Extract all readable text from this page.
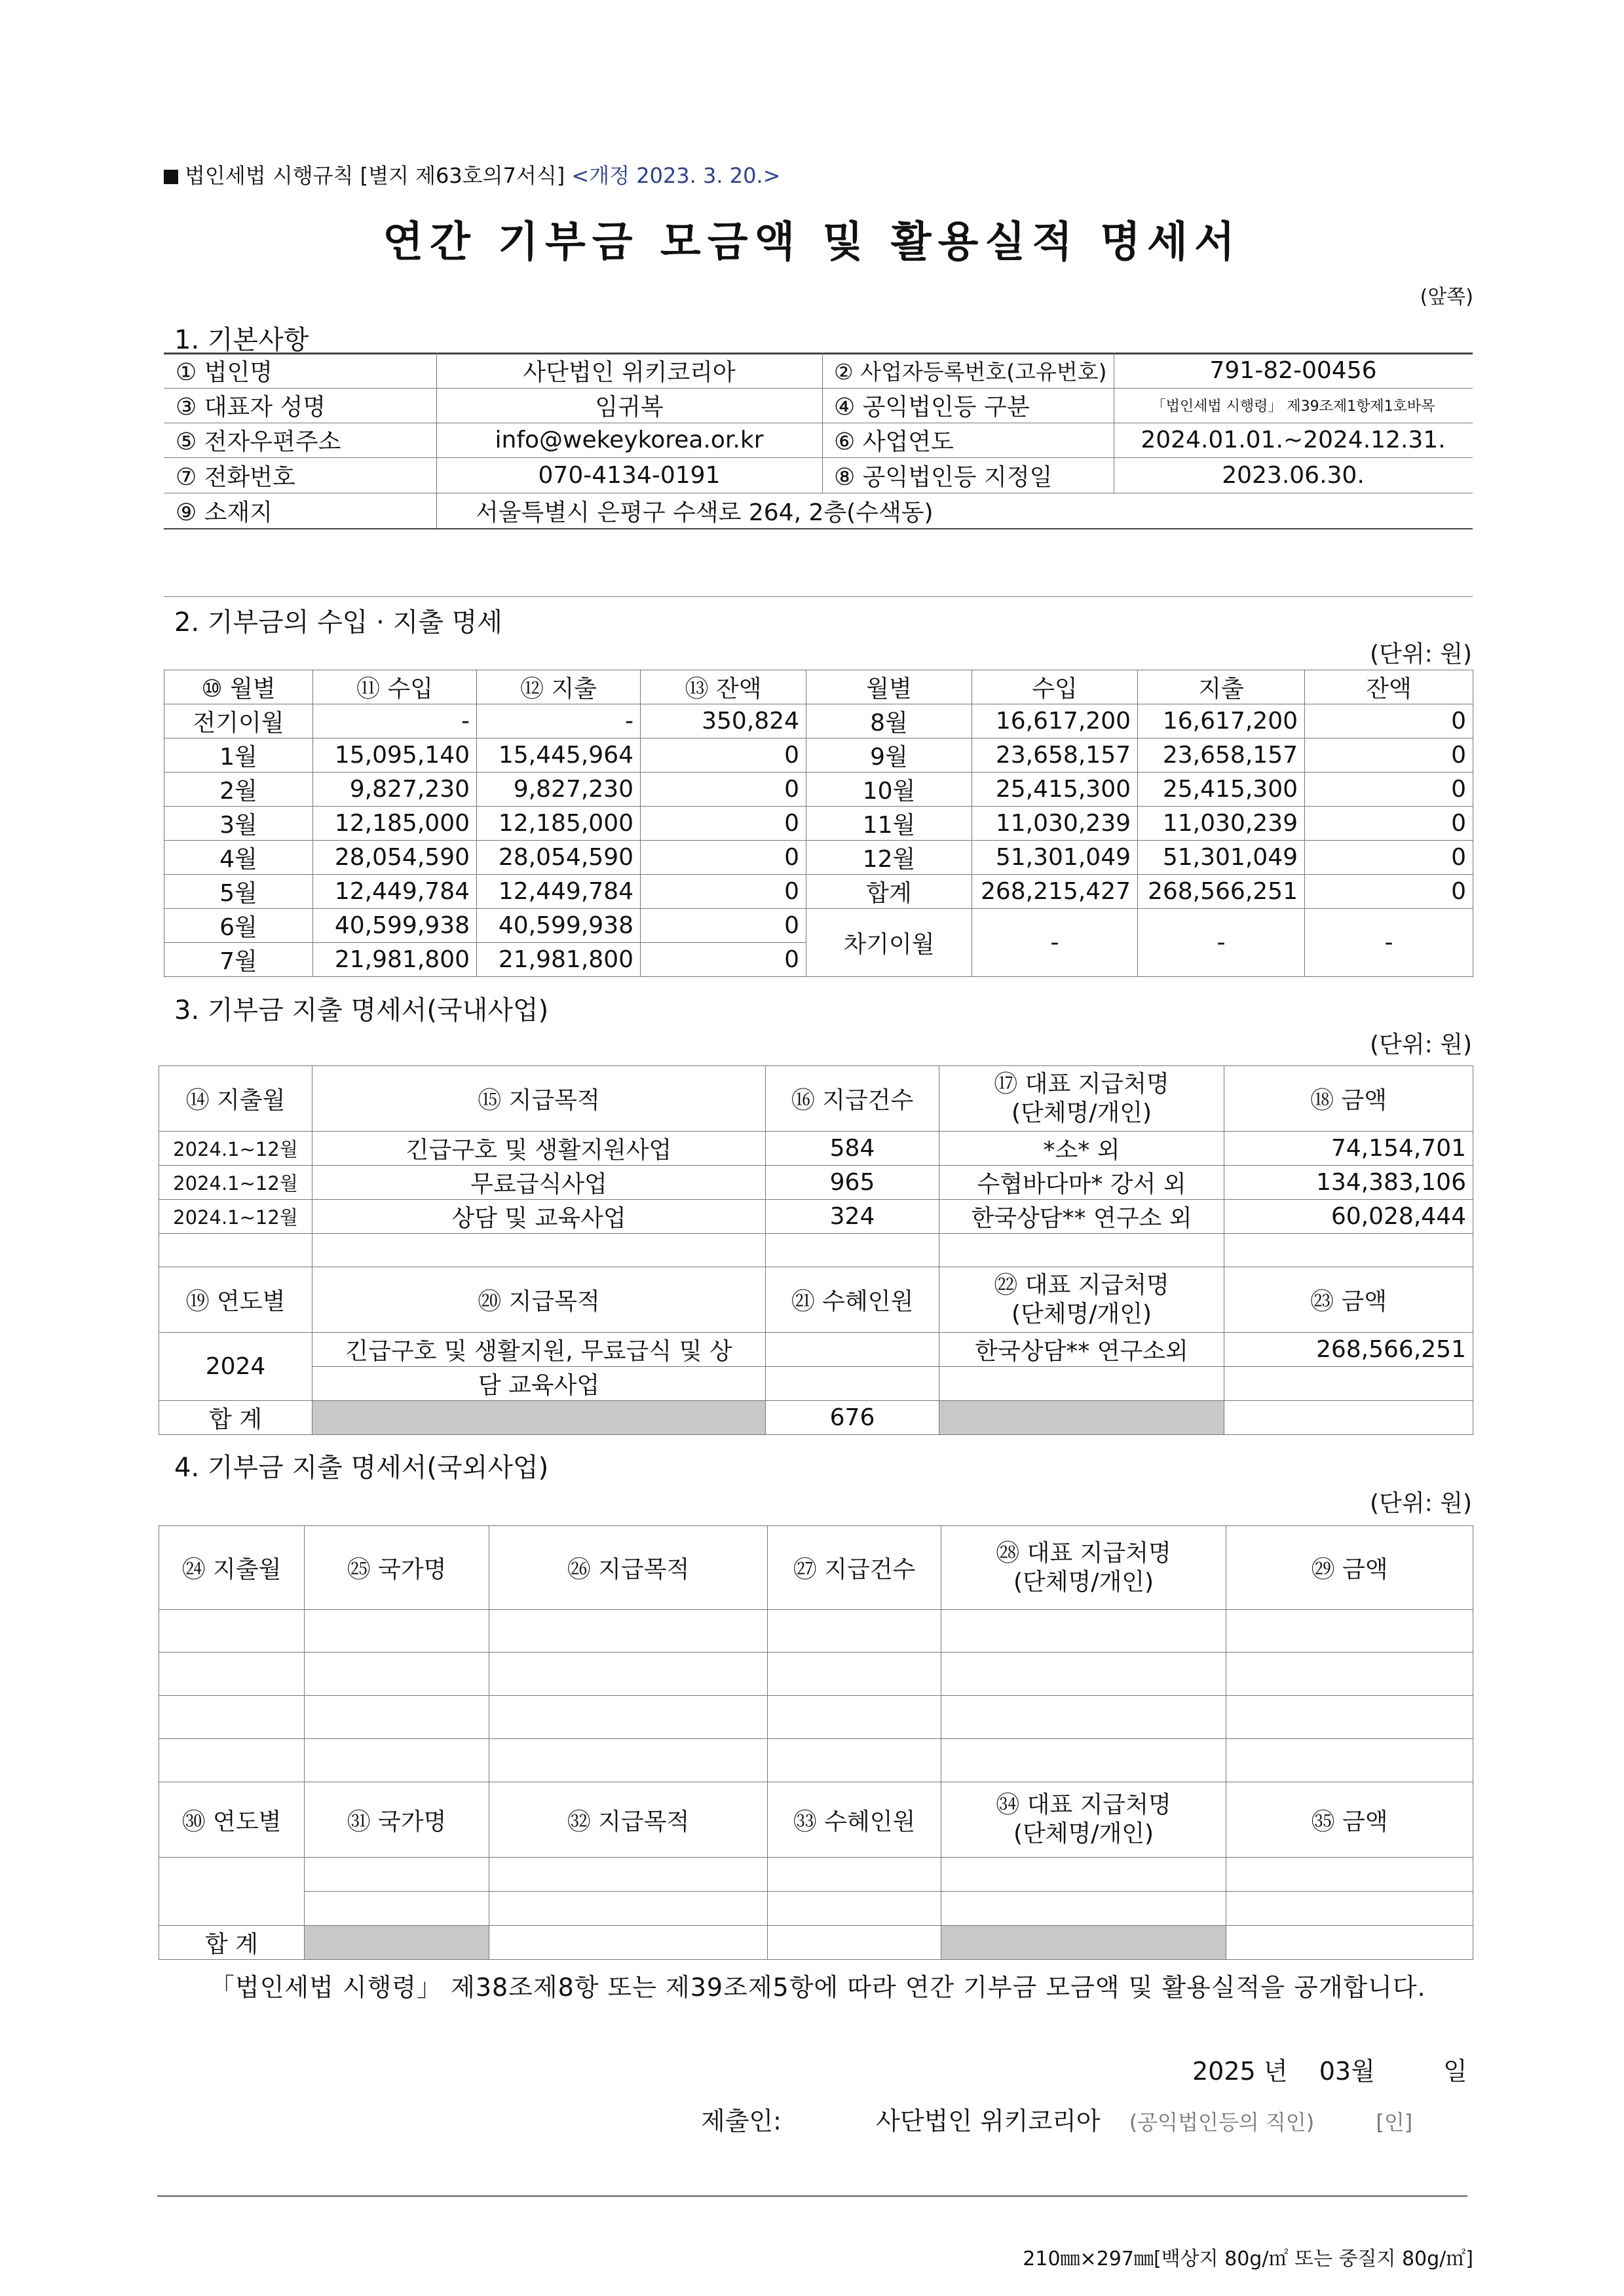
법인세법 시행규칙 [별지 제63호의7서식] <개정 2023. 3. 20.>
연간 기부금 모금액 및 활용실적 명세서
(앞쪽)
1. 기본사항
① 법인명	사단법인 위키코리아	② 사업자등록번호(고유번호)	791-82-00456
③ 대표자 성명	임귀복	④ 공익법인등 구분	「법인세법 시행령」 제39조제1항제1호바목
⑤ 전자우편주소	info@wekeykorea.or.kr	⑥ 사업연도	2024.01.01.~2024.12.31.
⑦ 전화번호	070-4134-0191	⑧ 공익법인등 지정일	2023.06.30.
⑨ 소재지	서울특별시 은평구 수색로 264, 2층(수색동)
2. 기부금의 수입 · 지출 명세
(단위: 원)
⑩ 월별	⑪ 수입	⑫ 지출	⑬ 잔액	월별	수입	지출	잔액
전기이월	-	-	350,824	8월	16,617,200	16,617,200	0
1월	15,095,140	15,445,964	0	9월	23,658,157	23,658,157	0
2월	9,827,230	9,827,230	0	10월	25,415,300	25,415,300	0
3월	12,185,000	12,185,000	0	11월	11,030,239	11,030,239	0
4월	28,054,590	28,054,590	0	12월	51,301,049	51,301,049	0
5월	12,449,784	12,449,784	0	합계	268,215,427	268,566,251	0
6월	40,599,938	40,599,938	0	차기이월	-	-	-
7월	21,981,800	21,981,800	0				
3. 기부금 지출 명세서(국내사업)
(단위: 원)
⑭ 지출월	⑮ 지급목적	⑯ 지급건수	⑰ 대표 지급처명
(단체명/개인)	⑱ 금액
2024.1~12월	긴급구호 및 생활지원사업	584	*소* 외	74,154,701
2024.1~12월	무료급식사업	965	수협바다마* 강서 외	134,383,106
2024.1~12월	상담 및 교육사업	324	한국상담** 연구소 외	60,028,444

⑲ 연도별	⑳ 지급목적	㉑ 수혜인원	㉒ 대표 지급처명
(단체명/개인)	㉓ 금액
2024	긴급구호 및 생활지원, 무료급식 및 상		한국상담** 연구소외	268,566,251
	담 교육사업			
합 계		676		
4. 기부금 지출 명세서(국외사업)
(단위: 원)
㉔ 지출월	㉕ 국가명	㉖ 지급목적	㉗ 지급건수	㉘ 대표 지급처명
(단체명/개인)	㉙ 금액

㉚ 연도별	㉛ 국가명	㉜ 지급목적	㉝ 수혜인원	㉞ 대표 지급처명
(단체명/개인)	㉟ 금액

합 계					
「법인세법 시행령」 제38조제8항 또는 제39조제5항에 따라 연간 기부금 모금액 및 활용실적을 공개합니다.
2025 년 03월	일
제출인:	사단법인 위키코리아 (공익법인등의 직인)	[인]
210㎜×297㎜[백상지 80g/㎡ 또는 중질지 80g/㎡]
